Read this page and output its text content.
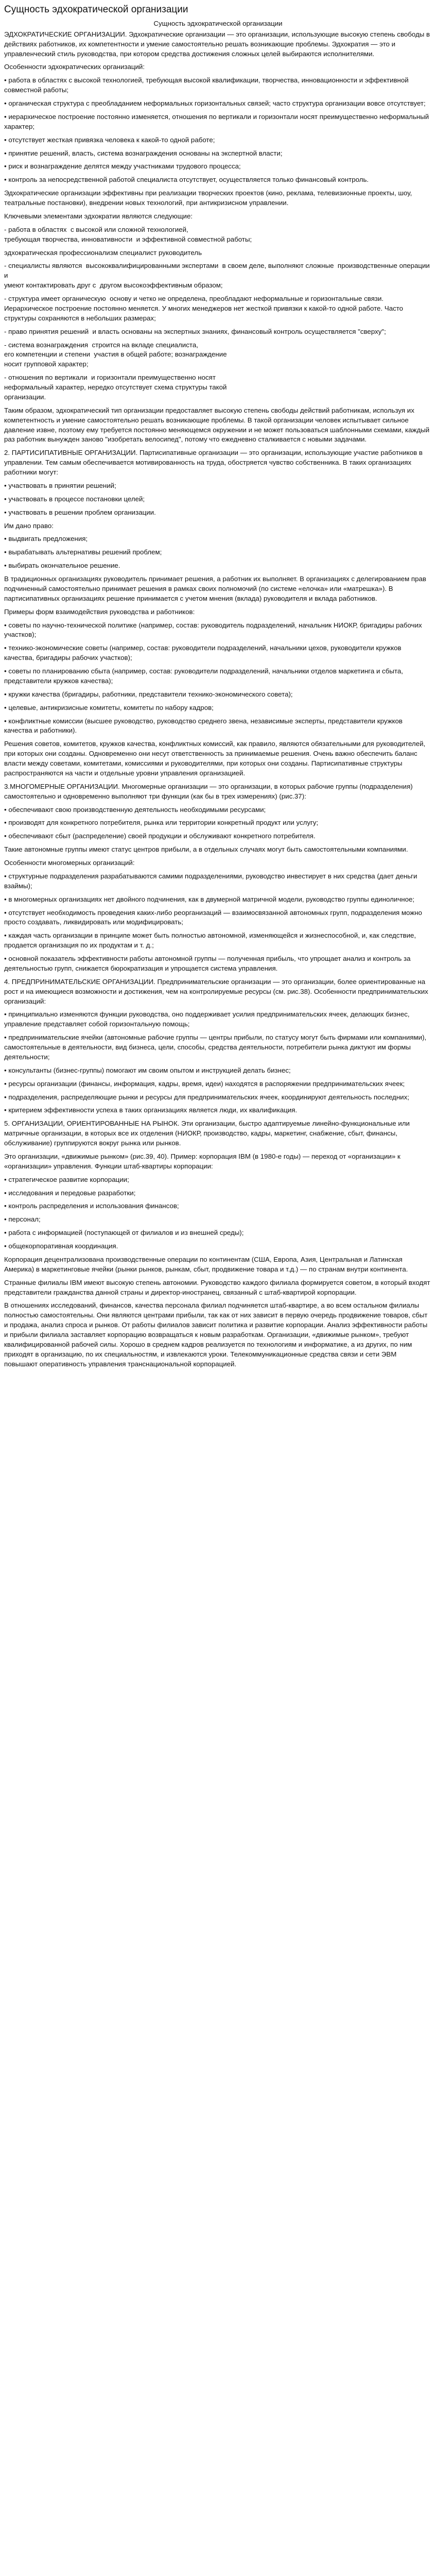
Сущность эдхократической организации
Сущность эдхократической организации

ЭДХОКРАТИЧЕСКИЕ ОРГАНИЗАЦИИ. Эдхократические организации — это организации, использующие высокую степень свободы в действиях работников, их компетентности и умение самостоятельно решать возникающие проблемы. Эдхократия — это и управленческий стиль руководства, при котором средства достижения сложных целей выбираются исполнителями.

Особенности эдхократических организаций:

• работа в областях с высокой технологией, требующая высокой квалификации, творчества, инновационности и эффективной совместной работы;

• органическая структура с преобладанием неформальных горизонтальных связей; часто структура организации вовсе отсутствует;

• иерархическое построение постоянно изменяется, отношения по вертикали и горизонтали носят преимущественно неформальный характер;

• отсутствует жесткая привязка человека к какой-то одной работе;

• принятие решений, власть, система вознаграждения основаны на экспертной власти;

• риск и вознаграждение делятся между участниками трудового процесса;

• контроль за непосредственной работой специалиста отсутствует, осуществляется только финансовый контроль.

Эдхократические организации эффективны при реализации творческих проектов (кино, реклама, телевизионные проекты, шоу, театральные постановки), внедрении новых технологий, при антикризисном управлении.

Ключевыми элементами эдхократии являются следующие:

- работа в областях  с высокой или сложной технологией,
требующая творчества, инновативности  и эффективной совместной работы;

эдхократическая профессионализм специалист руководитель

- специалисты являются  высококвалифицированными экспертами  в своем деле, выполняют сложные  производственные операции и
умеют контактировать друг с  другом высокоэффективным образом;

- структура имеет органическую  основу и четко не определена, преобладают неформальные и горизонтальные связи. Иерархическое построение постоянно меняется. У многих менеджеров нет жесткой привязки к какой-то одной работе. Часто структуры сохраняются в небольших размерах;

- право принятия решений  и власть основаны на экспертных знаниях, финансовый контроль осуществляется "сверху";

- система вознаграждения  строится на вкладе специалиста,
его компетенции и степени  участия в общей работе; вознаграждение
носит групповой характер;

- отношения по вертикали  и горизонтали преимущественно носят
неформальный характер, нередко отсутствует схема структуры такой
организации.

Таким образом, эдхократический тип организации предоставляет высокую степень свободы действий работникам, используя их компетентность и умение самостоятельно решать возникающие проблемы. В такой организации человек испытывает сильное давление извне, поэтому ему требуется постоянно меняющемся окружении и не может пользоваться шаблонными схемами, каждый раз работник вынужден заново "изобретать велосипед", потому что ежедневно сталкивается с новыми задачами.

2. ПАРТИСИПАТИВНЫЕ ОРГАНИЗАЦИИ. Партисипативные организации — это организации, использующие участие работников в управлении. Тем самым обеспечивается мотивированность на труда, обостряется чувство собственника. В таких организациях работники могут:

• участвовать в принятии решений;

• участвовать в процессе постановки целей;

• участвовать в решении проблем организации.

Им дано право:

• выдвигать предложения;

• вырабатывать альтернативы решений проблем;

• выбирать окончательное решение.

В традиционных организациях руководитель принимает решения, а работник их выполняет. В организациях с делегированием прав подчиненный самостоятельно принимает решения в рамках своих полномочий (по системе «елочка» или «матрешка»). В партисипативных организациях решение принимается с учетом мнения (вклада) руководителя и вклада работников.

Примеры форм взаимодействия руководства и работников:

• советы по научно-технической политике (например, состав: руководитель подразделений, начальник НИОКР, бригадиры рабочих участков);

• технико-экономические советы (например, состав: руководители подразделений, начальники цехов, руководители кружков качества, бригадиры рабочих участков);

• советы по планированию сбыта (например, состав: руководители подразделений, начальники отделов маркетинга и сбыта, представители кружков качества);

• кружки качества (бригадиры, работники, представители технико-экономического совета);

• целевые, антикризисные комитеты, комитеты по набору кадров;

• конфликтные комиссии (высшее руководство, руководство среднего звена, независимые эксперты, представители кружков качества и работники).

Решения советов, комитетов, кружков качества, конфликтных комиссий, как правило, являются обязательными для руководителей, при которых они созданы. Одновременно они несут ответственность за принимаемые решения. Очень важно обеспечить баланс власти между советами, комитетами, комиссиями и руководителями, при которых они созданы. Партисипативные структуры распространяются на части и отдельные уровни управления организацией.

3.МНОГОМЕРНЫЕ ОРГАНИЗАЦИИ. Многомерные организации — это организации, в которых рабочие группы (подразделения) самостоятельно и одновременно выполняют три функции (как бы в трех измерениях) (рис.37):

• обеспечивают свою производственную деятельность необходимыми ресурсами;

• производят для конкретного потребителя, рынка или территории конкретный продукт или услугу;

• обеспечивают сбыт (распределение) своей продукции и обслуживают конкретного потребителя.

Такие автономные группы имеют статус центров прибыли, а в отдельных случаях могут быть самостоятельными компаниями.

Особенности многомерных организаций:

• структурные подразделения разрабатываются самими подразделениями, руководство инвестирует в них средства (дает деньги взаймы);

• в многомерных организациях нет двойного подчинения, как в двумерной матричной модели, руководство группы единоличное;

• отсутствует необходимость проведения каких-либо реорганизаций — взаимосвязанной автономных групп, подразделения можно просто создавать, ликвидировать или модифицировать;

• каждая часть организации в принципе может быть полностью автономной, изменяющейся и жизнеспособной, и, как следствие, продается организация по их продуктам и т. д.;

• основной показатель эффективности работы автономной группы — полученная прибыль, что упрощает анализ и контроль за деятельностью групп, снижается бюрократизация и упрощается система управления.

4. ПРЕДПРИНИМАТЕЛЬСКИЕ ОРГАНИЗАЦИИ. Предпринимательские организации — это организации, более ориентированные на рост и на имеющиеся возможности и достижения, чем на контролируемые ресурсы (см. рис.38). Особенности предпринимательских организаций:

• принципиально изменяются функции руководства, оно поддерживает усилия предпринимательских ячеек, делающих бизнес, управление представляет собой горизонтальную помощь;

• предпринимательские ячейки (автономные рабочие группы — центры прибыли, по статусу могут быть фирмами или компаниями), самостоятельные в деятельности, вид бизнеса, цели, способы, средства деятельности, потребители рынка диктуют им формы деятельности;

• консультанты (бизнес-группы) помогают им своим опытом и инструкцией делать бизнес;

• ресурсы организации (финансы, информация, кадры, время, идеи) находятся в распоряжении предпринимательских ячеек;

• подразделения, распределяющие рынки и ресурсы для предпринимательских ячеек, координируют деятельность последних;

• критерием эффективности успеха в таких организациях является люди, их квалификация.

5. ОРГАНИЗАЦИИ, ОРИЕНТИРОВАННЫЕ НА РЫНОК. Эти организации, быстро адаптируемые линейно-функциональные или матричные организации, в которых все их отделения (НИОКР, производство, кадры, маркетинг, снабжение, сбыт, финансы, обслуживание) группируются вокруг рынка или рынков.

Это организации, «движимые рынком» (рис.39, 40). Пример: корпорация IBM (в 1980-е годы) — переход от «организации» к «организации» управления. Функции штаб-квартиры корпорации:

• стратегическое развитие корпорации;

• исследования и передовые разработки;

• контроль распределения и использования финансов;

• персонал;

• работа с информацией (поступающей от филиалов и из внешней среды);

• общекорпоративная координация.

Корпорация децентрализована производственные операции по континентам (США, Европа, Азия, Центральная и Латинская Америка) в маркетинговые ячейки (рынки рынков, рынкам, сбыт, продвижение товара и т.д.) — по странам внутри континента.

Странные филиалы IBM имеют высокую степень автономии. Руководство каждого филиала формируется советом, в который входят представители гражданства данной страны и директор-иностранец, связанный с штаб-квартирой корпорации.

В отношениях исследований, финансов, качества персонала филиал подчиняется штаб-квартире, а во всем остальном филиалы полностью самостоятельны. Они являются центрами прибыли, так как от них зависит в первую очередь продвижение товаров, сбыт и продажа, анализ спроса и рынков. От работы филиалов зависит политика и развитие корпорации. Анализ эффективности работы и прибыли филиала заставляет корпорацию возвращаться к новым разработкам. Организации, «движимые рынком», требуют квалифицированной рабочей силы. Хорошо в среднем кадров реализуется по технологиям и информатике, а из других, по ним приходят в организацию, по их специальностям, и извлекаются уроки. Телекоммуникационные средства связи и сети ЭВМ повышают оперативность управления транснациональной корпорацией.
